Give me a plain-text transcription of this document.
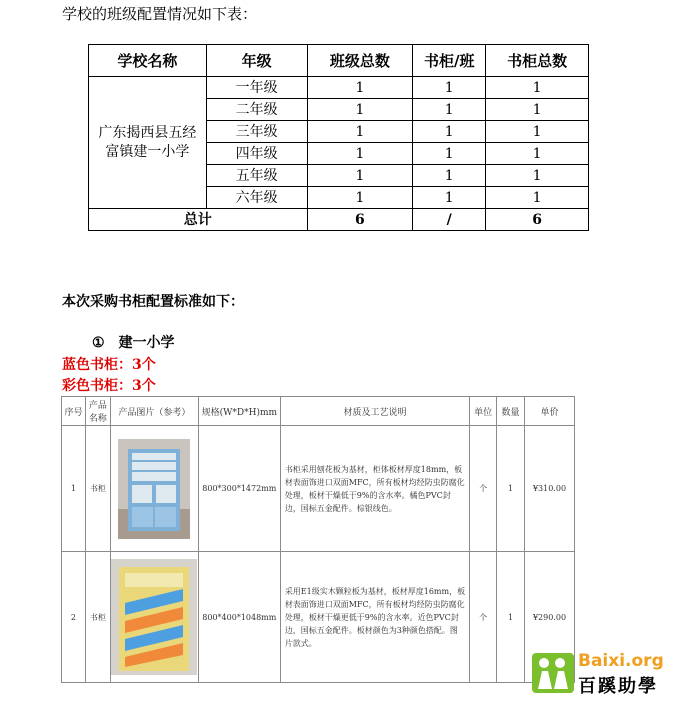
学校的班级配置情况如下表：
学校名称	年级	班级总数	书柜/班	书柜总数
广东揭西县五经富镇建一小学	一年级	1	1	1
	二年级	1	1	1
	三年级	1	1	1
	四年级	1	1	1
	五年级	1	1	1
	六年级	1	1	1
总计		6	/	6
本次采购书柜配置标准如下：
① 建一小学
蓝色书柜：3个
彩色书柜：3个
序号	产品名称	产品图片（参考）	规格(W*D*H)mm	材质及工艺说明	单位	数量	单价
1	书柜		800*300*1472mm	书柜采用刨花板为基材，柜体板材厚度18mm，板材表面饰进口双面MFC，所有板材均经防虫防腐化处理，板材干燥低于9%的含水率。橘色PVC封边，国标五金配件。棕银线色。	个	1	¥310.00
2	书柜		800*400*1048mm	采用E1级实木颗粒板为基材，板材厚度16mm，板材表面饰进口双面MFC，所有板材均经防虫防腐化处理，板材干燥更低于9%的含水率。近色PVC封边，国标五金配件。板材颜色为3种颜色搭配。图片款式。	个	1	¥290.00
Baixi.org
百蹊助學
